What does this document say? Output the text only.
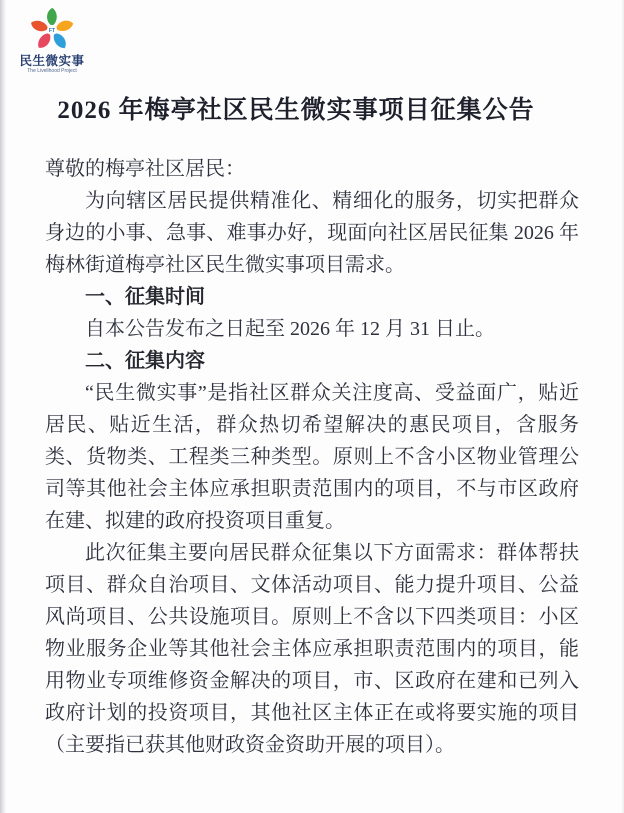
FT
民生微实事
The Livelihood Project
2026 年梅亭社区民生微实事项目征集公告

尊敬的梅亭社区居民：

为向辖区居民提供精准化、精细化的服务，切实把群众身边的小事、急事、难事办好，现面向社区居民征集 2026 年梅林街道梅亭社区民生微实事项目需求。

一、征集时间

自本公告发布之日起至 2026 年 12 月 31 日止。

二、征集内容

“民生微实事”是指社区群众关注度高、受益面广，贴近居民、贴近生活，群众热切希望解决的惠民项目，含服务类、货物类、工程类三种类型。原则上不含小区物业管理公司等其他社会主体应承担职责范围内的项目，不与市区政府在建、拟建的政府投资项目重复。

此次征集主要向居民群众征集以下方面需求：群体帮扶项目、群众自治项目、文体活动项目、能力提升项目、公益风尚项目、公共设施项目。原则上不含以下四类项目：小区物业服务企业等其他社会主体应承担职责范围内的项目，能用物业专项维修资金解决的项目，市、区政府在建和已列入政府计划的投资项目，其他社区主体正在或将要实施的项目（主要指已获其他财政资金资助开展的项目）。
